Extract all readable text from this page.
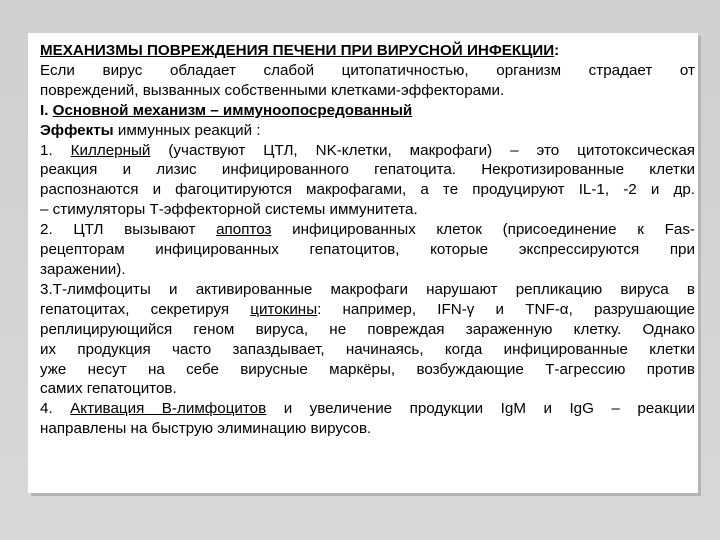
МЕХАНИЗМЫ ПОВРЕЖДЕНИЯ ПЕЧЕНИ ПРИ ВИРУСНОЙ ИНФЕКЦИИ:

Если вирус обладает слабой цитопатичностью, организм страдает от

повреждений, вызванных собственными клетками-эффекторами.

I. Основной механизм – иммуноопосредованный

Эффекты иммунных реакций :

1. Киллерный (участвуют ЦТЛ, NK-клетки, макрофаги) – это цитотоксическая

реакция и лизис инфицированного гепатоцита. Некротизированные клетки

распознаются и фагоцитируются макрофагами, а те продуцируют IL-1, -2 и др.

– стимуляторы Т-эффекторной системы иммунитета.

2. ЦТЛ вызывают апоптоз инфицированных клеток (присоединение к Fas-

рецепторам инфицированных гепатоцитов, которые экспрессируются при

заражении).

3.Т-лимфоциты и активированные макрофаги нарушают репликацию вируса в

гепатоцитах, секретируя цитокины: например, IFN-γ и TNF-α, разрушающие

реплицирующийся геном вируса, не повреждая зараженную клетку. Однако

их продукция часто запаздывает, начинаясь, когда инфицированные клетки

уже несут на себе вирусные маркёры, возбуждающие Т-агрессию против

самих гепатоцитов.

4. Активация В-лимфоцитов и увеличение продукции IgM и IgG – реакции

направлены на быструю элиминацию вирусов.
